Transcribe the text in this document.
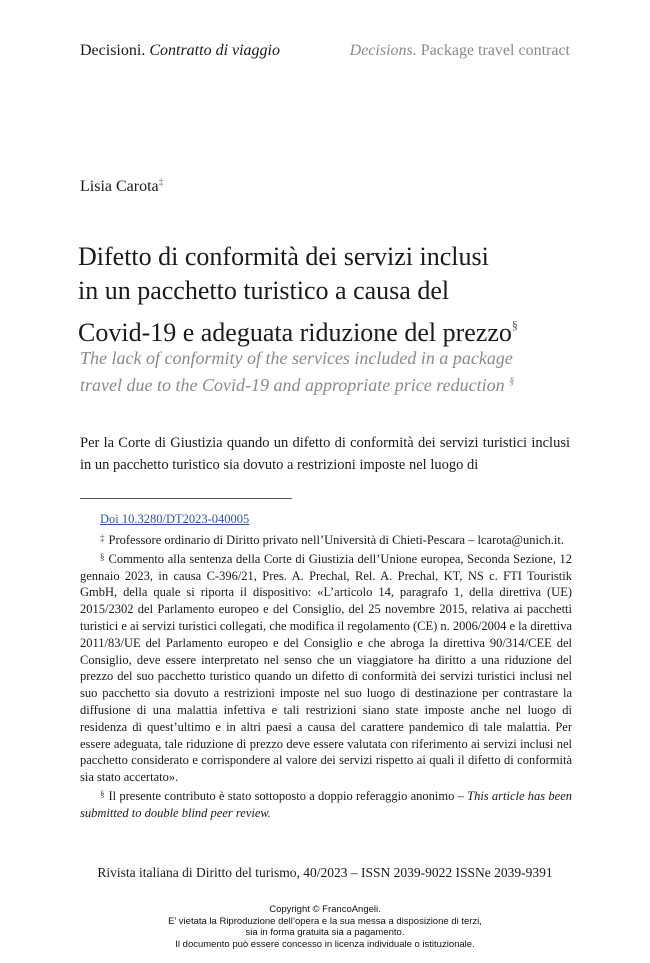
Decisioni. Contratto di viaggio	Decisions. Package travel contract
Lisia Carota‡
Difetto di conformità dei servizi inclusi
in un pacchetto turistico a causa del
Covid-19 e adeguata riduzione del prezzo§
The lack of conformity of the services included in a package
travel due to the Covid-19 and appropriate price reduction §
Per la Corte di Giustizia quando un difetto di conformità dei servizi turistici inclusi in un pacchetto turistico sia dovuto a restrizioni imposte nel luogo di
Doi 10.3280/DT2023-040005

‡ Professore ordinario di Diritto privato nell’Università di Chieti-Pescara – lcarota@unich.it.

§ Commento alla sentenza della Corte di Giustizia dell’Unione europea, Seconda Sezione, 12 gennaio 2023, in causa C-396/21, Pres. A. Prechal, Rel. A. Prechal, KT, NS c. FTI Touristik GmbH, della quale si riporta il dispositivo: «L’articolo 14, paragrafo 1, della direttiva (UE) 2015/2302 del Parlamento europeo e del Consiglio, del 25 novembre 2015, relativa ai pacchetti turistici e ai servizi turistici collegati, che modifica il regolamento (CE) n. 2006/2004 e la direttiva 2011/83/UE del Parlamento europeo e del Consiglio e che abroga la direttiva 90/314/CEE del Consiglio, deve essere interpretato nel senso che un viaggiatore ha diritto a una riduzione del prezzo del suo pacchetto turistico quando un difetto di conformità dei servizi turistici inclusi nel suo pacchetto sia dovuto a restrizioni imposte nel suo luogo di destinazione per contrastare la diffusione di una malattia infettiva e tali restrizioni siano state imposte anche nel luogo di residenza di quest’ultimo e in altri paesi a causa del carattere pandemico di tale malattia. Per essere adeguata, tale riduzione di prezzo deve essere valutata con riferimento ai servizi inclusi nel pacchetto considerato e corrispondere al valore dei servizi rispetto ai quali il difetto di conformità sia stato accertato».

§ Il presente contributo è stato sottoposto a doppio referaggio anonimo – This article has been submitted to double blind peer review.

Rivista italiana di Diritto del turismo, 40/2023 – ISSN 2039-9022 ISSNe 2039-9391
Copyright © FrancoAngeli.
E’ vietata la Riproduzione dell’opera e la sua messa a disposizione di terzi,
sia in forma gratuita sia a pagamento.
Il documento può essere concesso in licenza individuale o istituzionale.
